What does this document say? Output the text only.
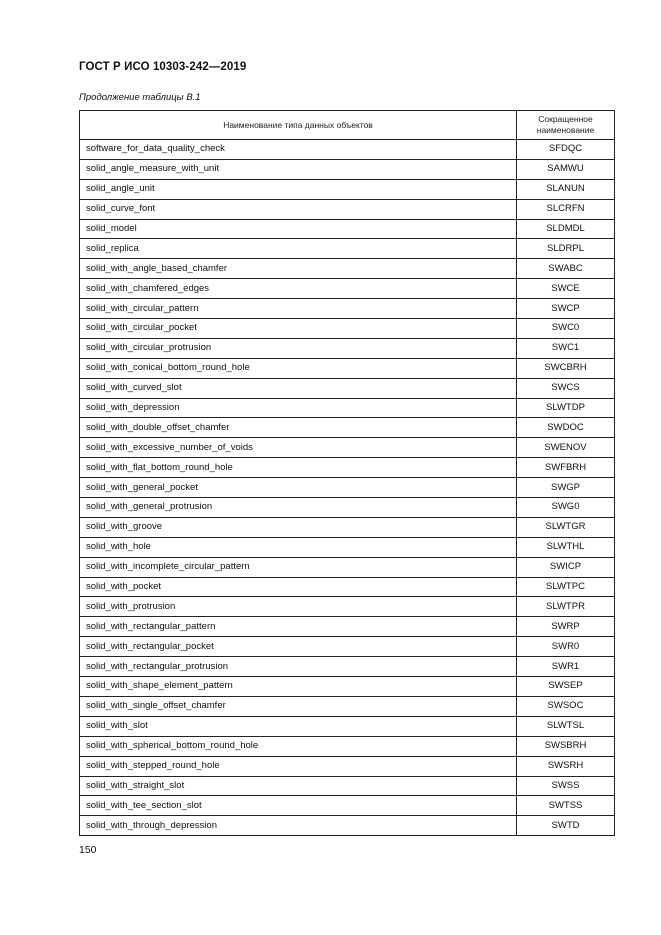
ГОСТ Р ИСО 10303-242—2019
Продолжение таблицы В.1
Наименование типа данных объектов	Сокращенное наименование
software_for_data_quality_check	SFDQC
solid_angle_measure_with_unit	SAMWU
solid_angle_unit	SLANUN
solid_curve_font	SLCRFN
solid_model	SLDMDL
solid_replica	SLDRPL
solid_with_angle_based_chamfer	SWABC
solid_with_chamfered_edges	SWCE
solid_with_circular_pattern	SWCP
solid_with_circular_pocket	SWC0
solid_with_circular_protrusion	SWC1
solid_with_conical_bottom_round_hole	SWCBRH
solid_with_curved_slot	SWCS
solid_with_depression	SLWTDP
solid_with_double_offset_chamfer	SWDOC
solid_with_excessive_number_of_voids	SWENOV
solid_with_flat_bottom_round_hole	SWFBRH
solid_with_general_pocket	SWGP
solid_with_general_protrusion	SWG0
solid_with_groove	SLWTGR
solid_with_hole	SLWTHL
solid_with_incomplete_circular_pattern	SWICP
solid_with_pocket	SLWTPC
solid_with_protrusion	SLWTPR
solid_with_rectangular_pattern	SWRP
solid_with_rectangular_pocket	SWR0
solid_with_rectangular_protrusion	SWR1
solid_with_shape_element_pattern	SWSEP
solid_with_single_offset_chamfer	SWSOC
solid_with_slot	SLWTSL
solid_with_spherical_bottom_round_hole	SWSBRH
solid_with_stepped_round_hole	SWSRH
solid_with_straight_slot	SWSS
solid_with_tee_section_slot	SWTSS
solid_with_through_depression	SWTD
150
